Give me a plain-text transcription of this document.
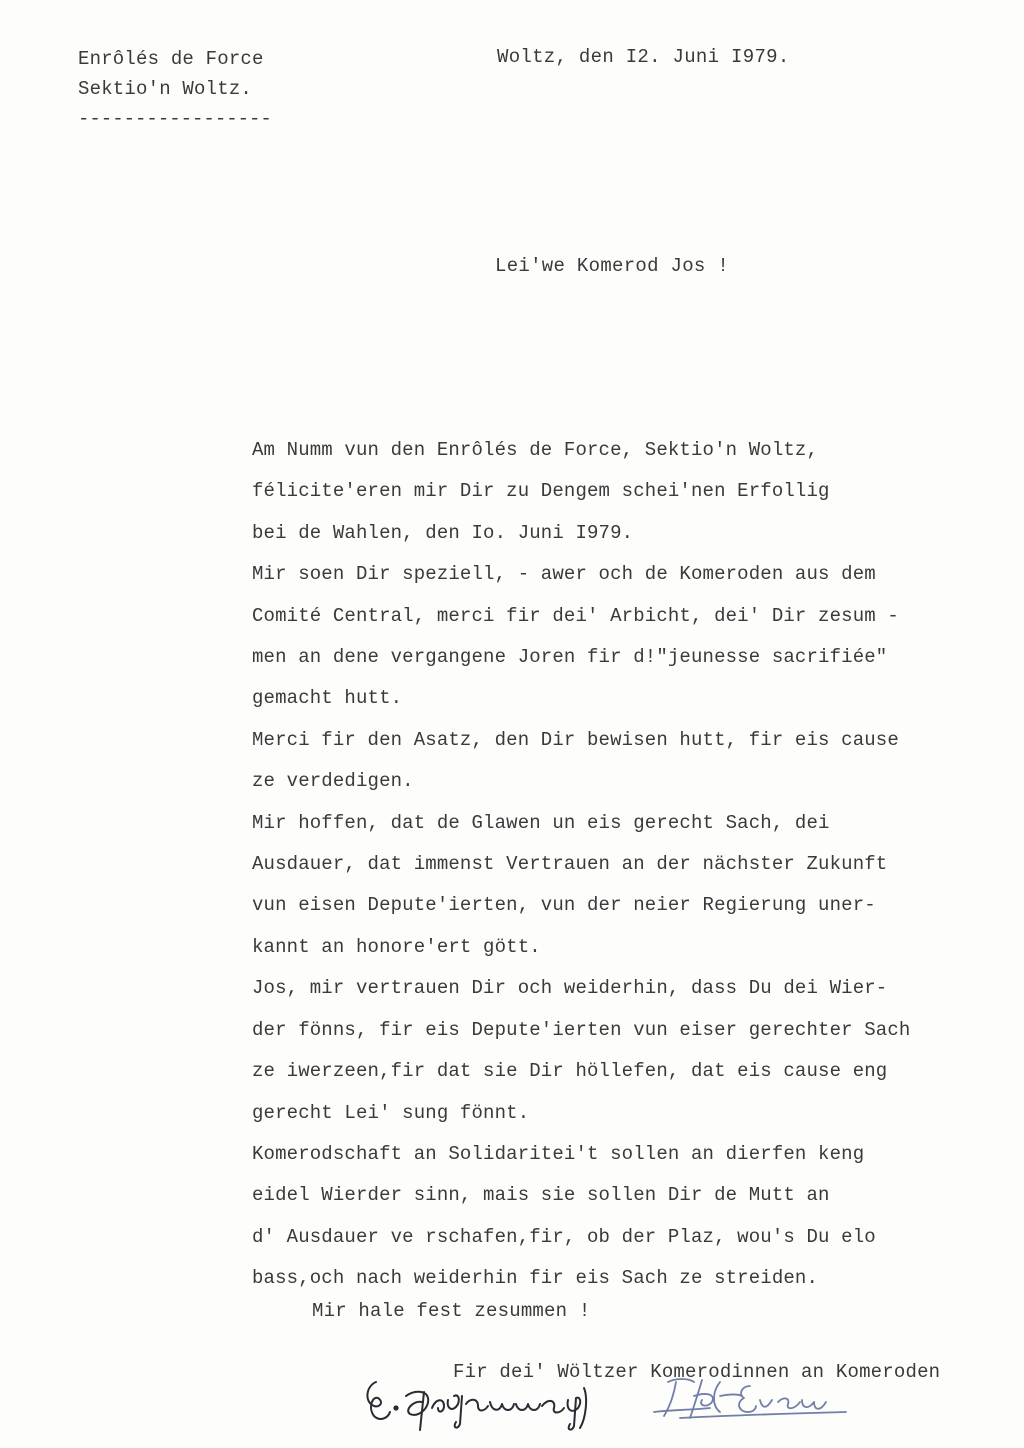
Enrôlés de Force
Sektio'n Woltz.
-----------------
Woltz, den I2. Juni I979.
Lei'we Komerod Jos !
Am Numm vun den Enrôlés de Force, Sektio'n Woltz,
félicite'eren mir Dir zu Dengem schei'nen Erfollig
bei de Wahlen, den Io. Juni I979.
Mir soen Dir speziell, - awer och de Komeroden aus dem
Comité Central, merci fir dei' Arbicht, dei' Dir zesum -
men an dene vergangene Joren fir d!"jeunesse sacrifiée"
gemacht hutt.
Merci fir den Asatz, den Dir bewisen hutt, fir eis cause
ze verdedigen.
Mir hoffen, dat de Glawen un eis gerecht Sach, dei
Ausdauer, dat immenst Vertrauen an der nächster Zukunft
vun eisen Depute'ierten, vun der neier Regierung uner-
kannt an honore'ert gött.
Jos, mir vertrauen Dir och weiderhin, dass Du dei Wier-
der fönns, fir eis Depute'ierten vun eiser gerechter Sach
ze iwerzeen,fir dat sie Dir höllefen, dat eis cause eng
gerecht Lei' sung fönnt.
Komerodschaft an Solidaritei't sollen an dierfen keng
eidel Wierder sinn, mais sie sollen Dir de Mutt an
d' Ausdauer ve rschafen,fir, ob der Plaz, wou's Du elo
bass,och nach weiderhin fir eis Sach ze streiden.
Mir hale fest zesummen !
Fir dei' Wöltzer Komerodinnen an Komeroden
